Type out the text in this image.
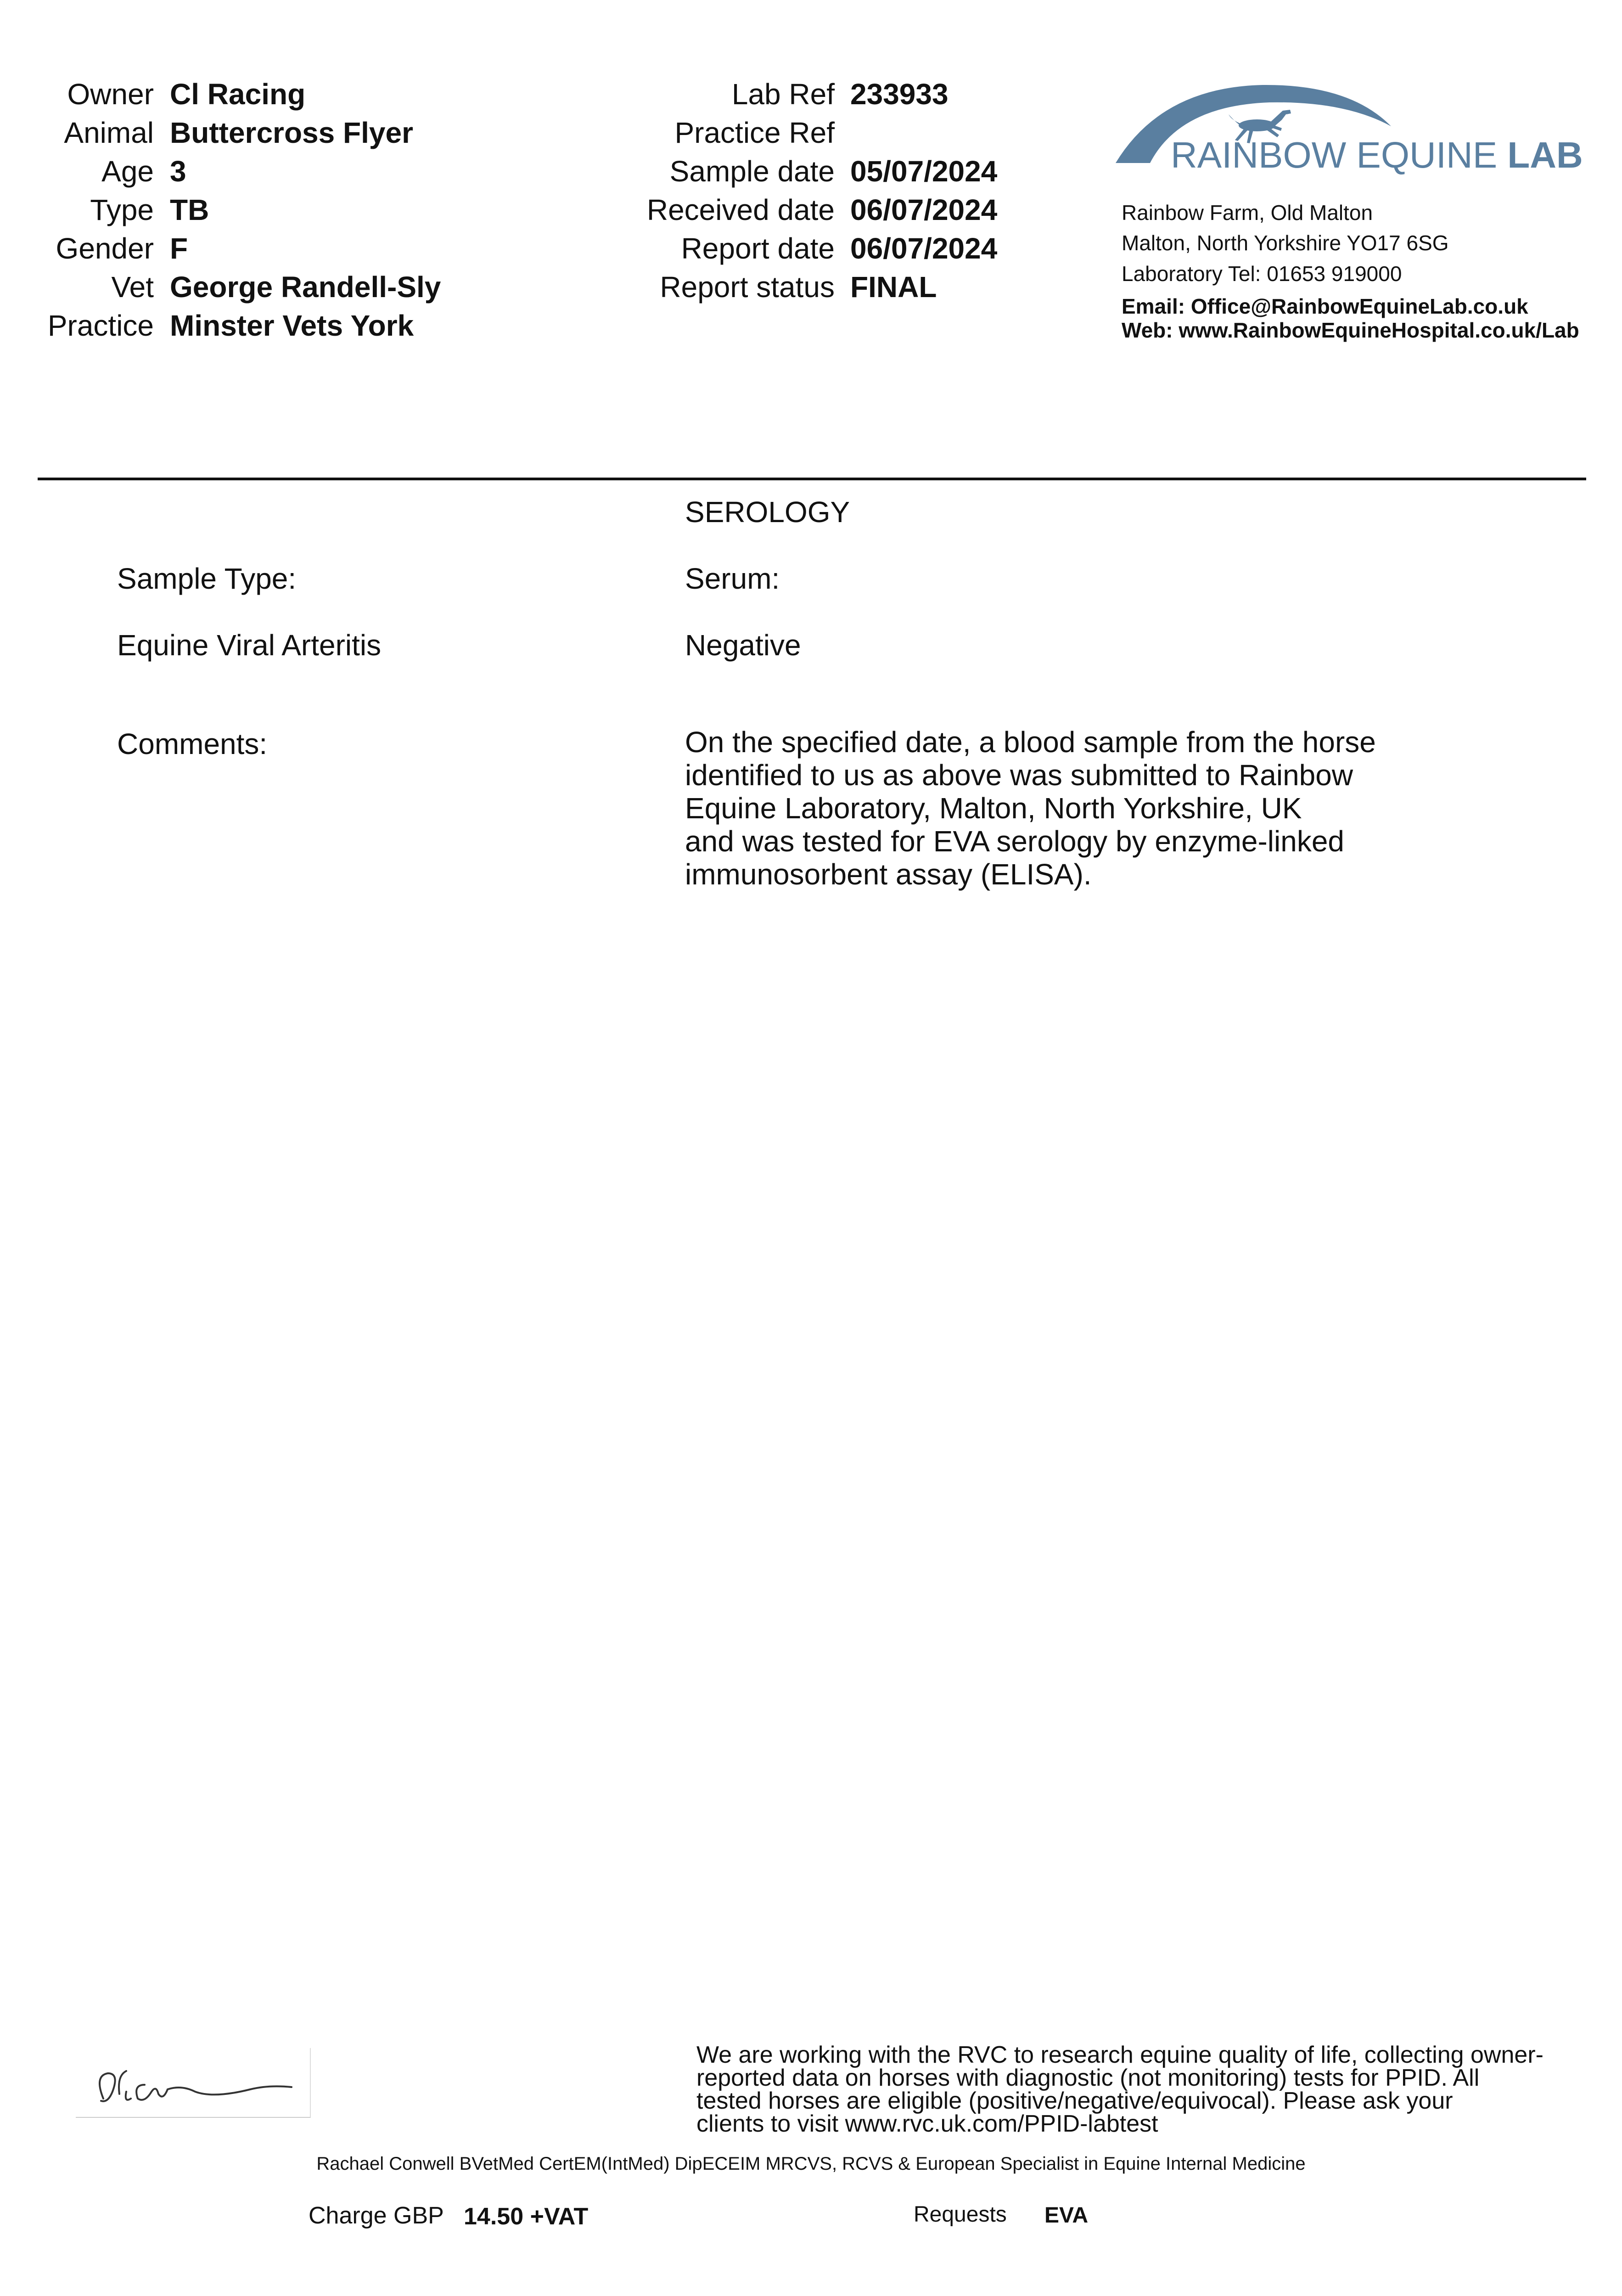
Owner Cl Racing
Animal Buttercross Flyer
Age 3
Type TB
Gender F
Vet George Randell-Sly
Practice Minster Vets York
Lab Ref 233933
Practice Ref
Sample date 05/07/2024
Received date 06/07/2024
Report date 06/07/2024
Report status FINAL
RAINBOW EQUINE LAB
Rainbow Farm, Old Malton
Malton, North Yorkshire YO17 6SG
Laboratory Tel: 01653 919000
Email: Office@RainbowEquineLab.co.uk
Web: www.RainbowEquineHospital.co.uk/Lab
SEROLOGY
Sample Type:	Serum:
Equine Viral Arteritis	Negative
Comments:	On the specified date, a blood sample from the horse
identified to us as above was submitted to Rainbow
Equine Laboratory, Malton, North Yorkshire, UK
and was tested for EVA serology by enzyme-linked
immunosorbent assay (ELISA).
We are working with the RVC to research equine quality of life, collecting owner-
reported data on horses with diagnostic (not monitoring) tests for PPID. All
tested horses are eligible (positive/negative/equivocal). Please ask your
clients to visit www.rvc.uk.com/PPID-labtest
Rachael Conwell BVetMed CertEM(IntMed) DipECEIM MRCVS, RCVS & European Specialist in Equine Internal Medicine
Charge GBP 14.50 +VAT	Requests EVA
